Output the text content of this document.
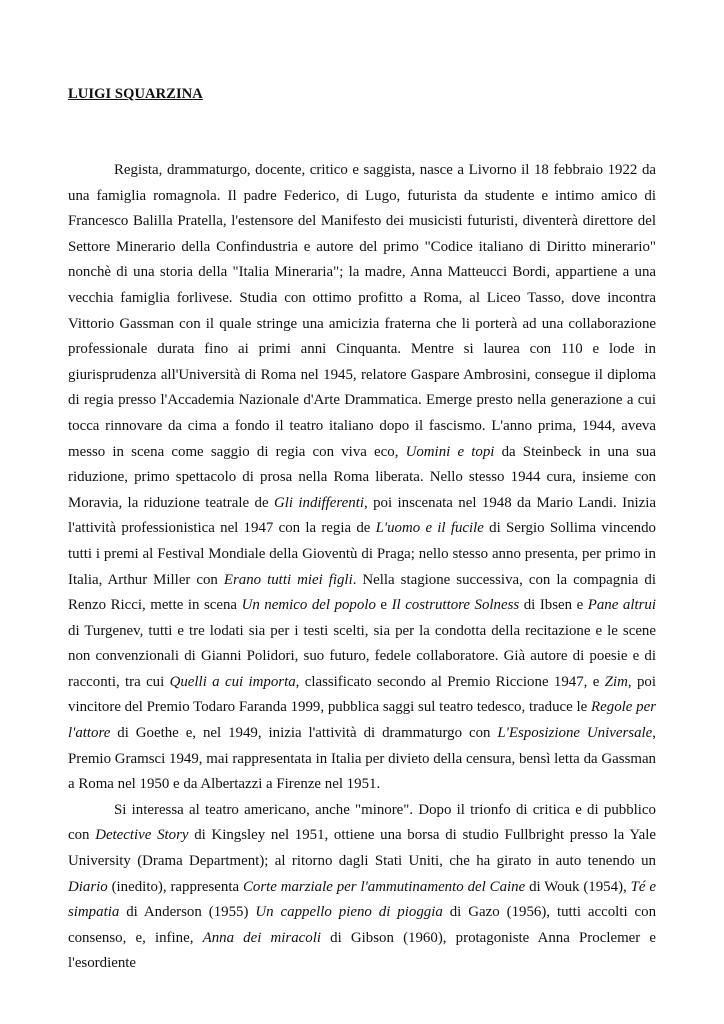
LUIGI SQUARZINA

Regista, drammaturgo, docente, critico e saggista, nasce a Livorno il 18 febbraio 1922 da una famiglia romagnola. Il padre Federico, di Lugo, futurista da studente e intimo amico di Francesco Balilla Pratella, l'estensore del Manifesto dei musicisti futuristi, diventerà direttore del Settore Minerario della Confindustria e autore del primo "Codice italiano di Diritto minerario" nonchè di una storia della "Italia Mineraria"; la madre, Anna Matteucci Bordi, appartiene a una vecchia famiglia forlivese. Studia con ottimo profitto a Roma, al Liceo Tasso, dove incontra Vittorio Gassman con il quale stringe una amicizia fraterna che li porterà ad una collaborazione professionale durata fino ai primi anni Cinquanta. Mentre si laurea con 110 e lode in giurisprudenza all'Università di Roma nel 1945, relatore Gaspare Ambrosini, consegue il diploma di regia presso l'Accademia Nazionale d'Arte Drammatica. Emerge presto nella generazione a cui tocca rinnovare da cima a fondo il teatro italiano dopo il fascismo. L'anno prima, 1944, aveva messo in scena come saggio di regia con viva eco, Uomini e topi da Steinbeck in una sua riduzione, primo spettacolo di prosa nella Roma liberata. Nello stesso 1944 cura, insieme con Moravia, la riduzione teatrale de Gli indifferenti, poi inscenata nel 1948 da Mario Landi. Inizia l'attività professionistica nel 1947 con la regia de L'uomo e il fucile di Sergio Sollima vincendo tutti i premi al Festival Mondiale della Gioventù di Praga; nello stesso anno presenta, per primo in Italia, Arthur Miller con Erano tutti miei figli. Nella stagione successiva, con la compagnia di Renzo Ricci, mette in scena Un nemico del popolo e Il costruttore Solness di Ibsen e Pane altrui di Turgenev, tutti e tre lodati sia per i testi scelti, sia per la condotta della recitazione e le scene non convenzionali di Gianni Polidori, suo futuro, fedele collaboratore. Già autore di poesie e di racconti, tra cui Quelli a cui importa, classificato secondo al Premio Riccione 1947, e Zim, poi vincitore del Premio Todaro Faranda 1999, pubblica saggi sul teatro tedesco, traduce le Regole per l'attore di Goethe e, nel 1949, inizia l'attività di drammaturgo con L'Esposizione Universale, Premio Gramsci 1949, mai rappresentata in Italia per divieto della censura, bensì letta da Gassman a Roma nel 1950 e da Albertazzi a Firenze nel 1951.

Si interessa al teatro americano, anche "minore". Dopo il trionfo di critica e di pubblico con Detective Story di Kingsley nel 1951, ottiene una borsa di studio Fullbright presso la Yale University (Drama Department); al ritorno dagli Stati Uniti, che ha girato in auto tenendo un Diario (inedito), rappresenta Corte marziale per l'ammutinamento del Caine di Wouk (1954), Té e simpatia di Anderson (1955) Un cappello pieno di pioggia di Gazo (1956), tutti accolti con consenso, e, infine, Anna dei miracoli di Gibson (1960), protagoniste Anna Proclemer e l'esordiente
